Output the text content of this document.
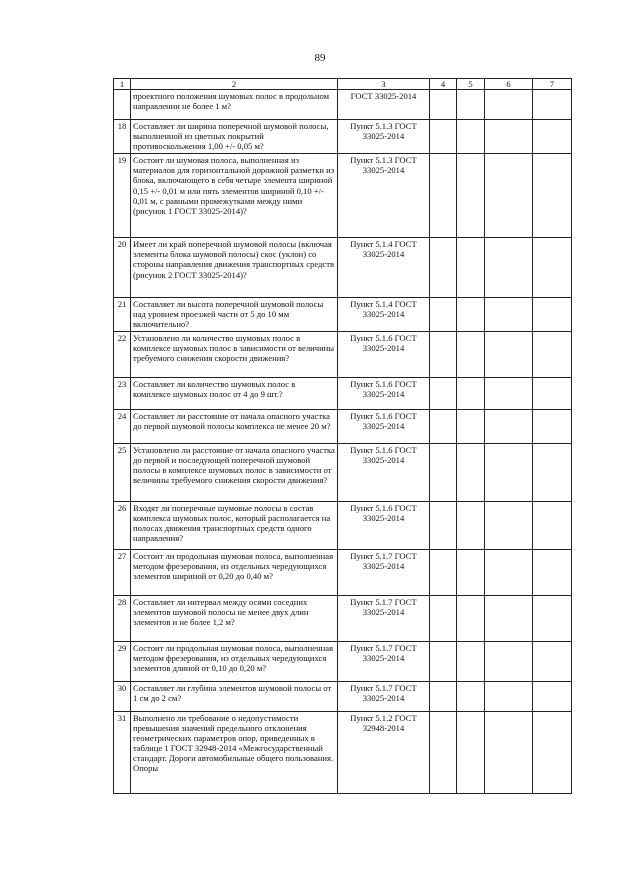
89
1	2	3	4	5	6	7
	проектного положения шумовых полос в продольном направлении не более 1 м?	ГОСТ 33025-2014				
18	Составляет ли ширина поперечной шумовой полосы, выполненной из цветных покрытий противоскольжения 1,00 +/- 0,05 м?	Пункт 5.1.3 ГОСТ 33025-2014				
19	Состоит ли шумовая полоса, выполненная из материалов для горизонтальной дорожной разметки из блока, включающего в себя четыре элемента шириной 0,15 +/- 0,01 м или пять элементов шириной 0,10 +/- 0,01 м, с равными промежутками между ними (рисунок 1 ГОСТ 33025-2014)?	Пункт 5.1.3 ГОСТ 33025-2014				
20	Имеет ли край поперечной шумовой полосы (включая элементы блока шумовой полосы) скос (уклон) со стороны направления движения транспортных средств (рисунок 2 ГОСТ 33025-2014)?	Пункт 5.1.4 ГОСТ 33025-2014				
21	Составляет ли высота поперечной шумовой полосы над уровнем проезжей части от 5 до 10 мм включительно?	Пункт 5.1.4 ГОСТ 33025-2014				
22	Установлено ли количество шумовых полос в комплексе шумовых полос в зависимости от величины требуемого снижения скорости движения?	Пункт 5.1.6 ГОСТ 33025-2014				
23	Составляет ли количество шумовых полос в комплексе шумовых полос от 4 до 9 шт.?	Пункт 5.1.6 ГОСТ 33025-2014				
24	Составляет ли расстояние от начала опасного участка до первой шумовой полосы комплекса не менее 20 м?	Пункт 5.1.6 ГОСТ 33025-2014				
25	Установлено ли расстояние от начала опасного участка до первой и последующей поперечной шумовой полосы в комплексе шумовых полос в зависимости от величины требуемого снижения скорости движения?	Пункт 5.1.6 ГОСТ 33025-2014				
26	Входят ли поперечные шумовые полосы в состав комплекса шумовых полос, который располагается на полосах движения транспортных средств одного направления?	Пункт 5.1.6 ГОСТ 33025-2014				
27	Состоит ли продольная шумовая полоса, выполненная методом фрезерования, из отдельных чередующихся элементов шириной от 0,20 до 0,40 м?	Пункт 5.1.7 ГОСТ 33025-2014				
28	Составляет ли интервал между осями соседних элементов шумовой полосы не менее двух длин элементов и не более 1,2 м?	Пункт 5.1.7 ГОСТ 33025-2014				
29	Состоит ли продольная шумовая полоса, выполненная методом фрезерования, из отдельных чередующихся элементов длиной от 0,10 до 0,20 м?	Пункт 5.1.7 ГОСТ 33025-2014				
30	Составляет ли глубина элементов шумовой полосы от 1 см до 2 см?	Пункт 5.1.7 ГОСТ 33025-2014				
31	Выполнено ли требование о недопустимости превышения значений предельного отклонения геометрических параметров опор, приведенных в таблице 1 ГОСТ 32948-2014 «Межгосударственный стандарт. Дороги автомобильные общего пользования. Опоры	Пункт 5.1.2 ГОСТ 32948-2014				
